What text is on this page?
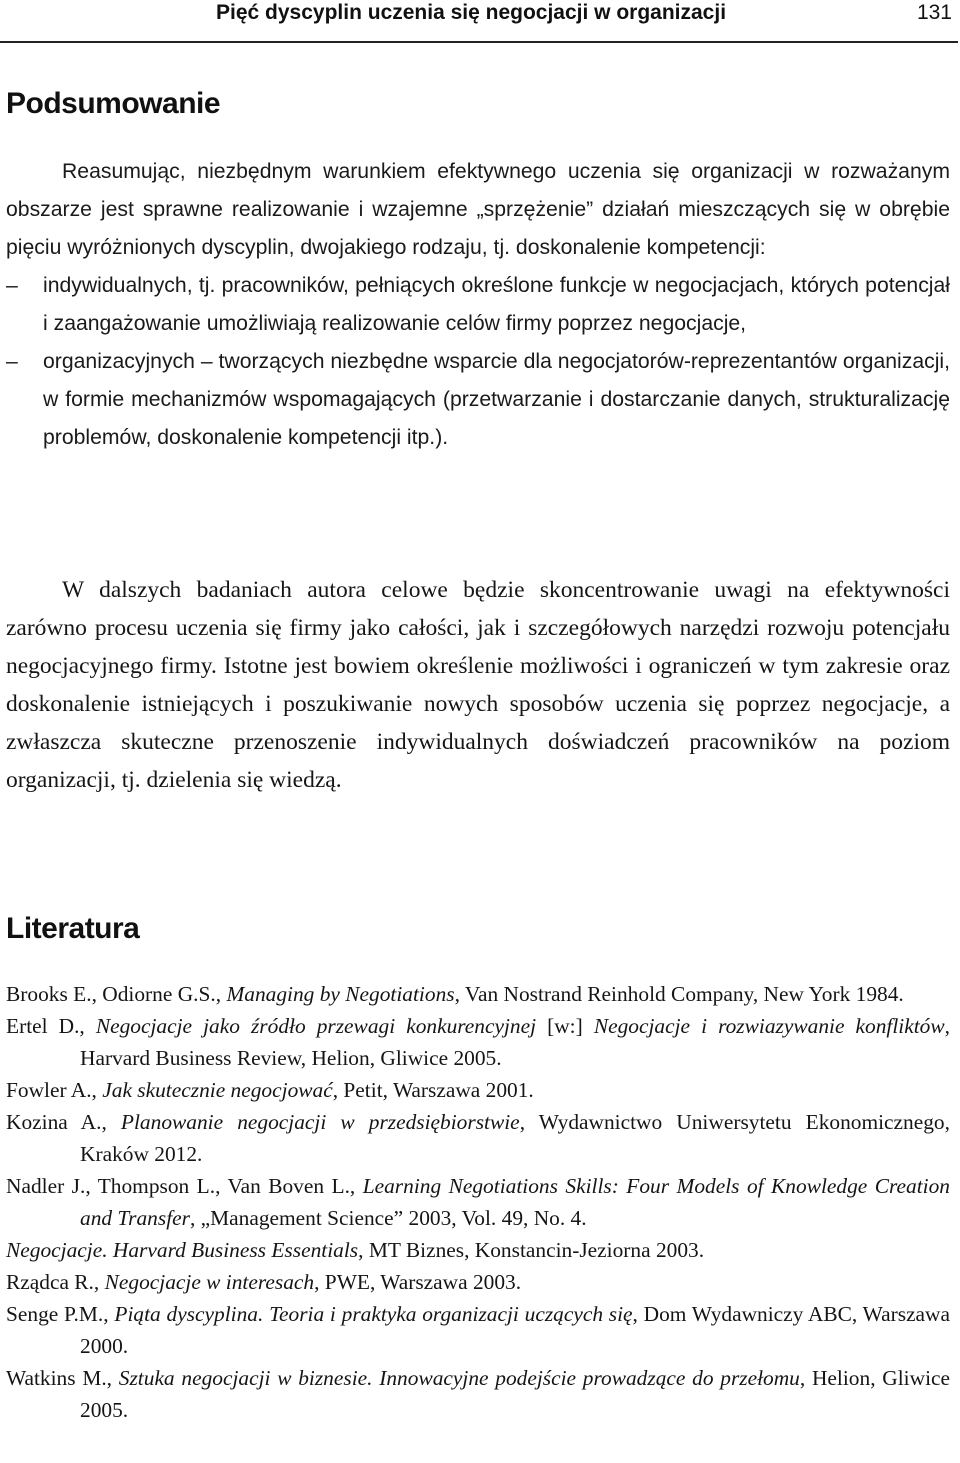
Pięć dyscyplin uczenia się negocjacji w organizacji	131
Podsumowanie

Reasumując, niezbędnym warunkiem efektywnego uczenia się organizacji w rozważanym obszarze jest sprawne realizowanie i wzajemne „sprzężenie” działań mieszczących się w obrębie pięciu wyróżnionych dyscyplin, dwojakiego rodzaju, tj. doskonalenie kompetencji:

– indywidualnych, tj. pracowników, pełniących określone funkcje w negocjacjach, których potencjał i zaangażowanie umożliwiają realizowanie celów firmy poprzez negocjacje,

– organizacyjnych – tworzących niezbędne wsparcie dla negocjatorów-reprezentantów organizacji, w formie mechanizmów wspomagających (przetwarzanie i dostarczanie danych, strukturalizację problemów, doskonalenie kompetencji itp.).

W dalszych badaniach autora celowe będzie skoncentrowanie uwagi na efektywności zarówno procesu uczenia się firmy jako całości, jak i szczegółowych narzędzi rozwoju potencjału negocjacyjnego firmy. Istotne jest bowiem określenie możliwości i ograniczeń w tym zakresie oraz doskonalenie istniejących i poszukiwanie nowych sposobów uczenia się poprzez negocjacje, a zwłaszcza skuteczne przenoszenie indywidualnych doświadczeń pracowników na poziom organizacji, tj. dzielenia się wiedzą.

Literatura

Brooks E., Odiorne G.S., Managing by Negotiations, Van Nostrand Reinhold Company, New York 1984.

Ertel D., Negocjacje jako źródło przewagi konkurencyjnej [w:] Negocjacje i rozwiazywanie konfliktów, Harvard Business Review, Helion, Gliwice 2005.

Fowler A., Jak skutecznie negocjować, Petit, Warszawa 2001.

Kozina A., Planowanie negocjacji w przedsiębiorstwie, Wydawnictwo Uniwersytetu Ekonomicznego, Kraków 2012.

Nadler J., Thompson L., Van Boven L., Learning Negotiations Skills: Four Models of Knowledge Creation and Transfer, „Management Science” 2003, Vol. 49, No. 4.

Negocjacje. Harvard Business Essentials, MT Biznes, Konstancin-Jeziorna 2003.

Rządca R., Negocjacje w interesach, PWE, Warszawa 2003.

Senge P.M., Piąta dyscyplina. Teoria i praktyka organizacji uczących się, Dom Wydawniczy ABC, Warszawa 2000.

Watkins M., Sztuka negocjacji w biznesie. Innowacyjne podejście prowadzące do przełomu, Helion, Gliwice 2005.
